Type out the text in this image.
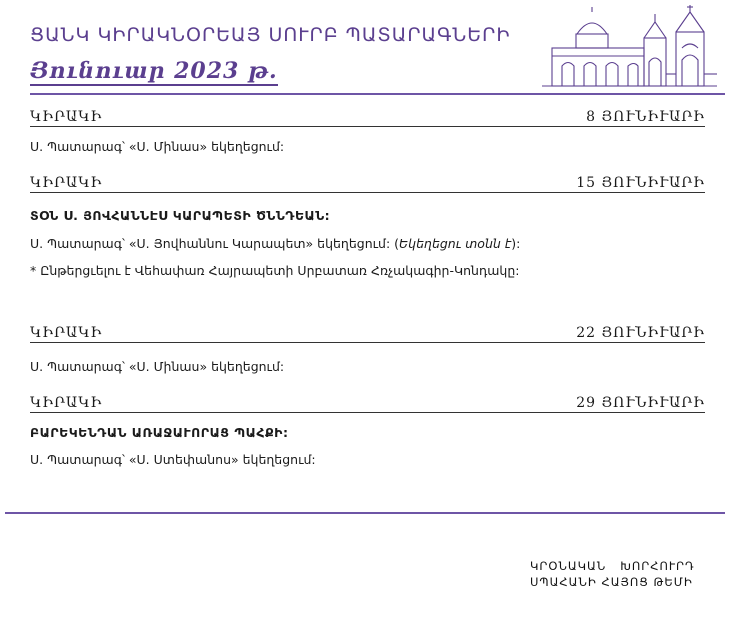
ՑԱՆԿ ԿԻՐԱԿՆՕՐԵԱՅ ՍՈՒՐԲ ՊԱՏԱՐԱԳՆԵՐԻ
Յունուար 2023 թ.
ԿԻՐԱԿԻ	8 ՅՈՒՆԻՒԱՐԻ
Ս. Պատարագ՝ «Ս. Մինաս» եկեղեցում:
ԿԻՐԱԿԻ	15 ՅՈՒՆԻՒԱՐԻ
ՏՕՆ Ս. ՅՈՎՀԱՆՆԷՍ ԿԱՐԱՊԵՏԻ ԾՆՆԴԵԱՆ:
Ս. Պատարագ՝ «Ս. Յովհաննու Կարապետ» եկեղեցում: (Եկեղեցու տօնն է):
* Ընթերցւելու է Վեհափառ Հայրապետի Սրբատառ Հռչակագիր-Կոնդակը:
ԿԻՐԱԿԻ	22 ՅՈՒՆԻՒԱՐԻ
Ս. Պատարագ՝ «Ս. Մինաս» եկեղեցում:
ԿԻՐԱԿԻ	29 ՅՈՒՆԻՒԱՐԻ
ԲԱՐԵԿԵՆԴԱՆ ԱՌԱՋԱՒՈՐԱՑ ՊԱՀՔԻ:
Ս. Պատարագ՝ «Ս. Ստեփանոս» եկեղեցում:
ԿՐՕՆԱԿԱՆ   ԽՈՐՀՈՒՐԴ
ՍՊԱՀԱՆԻ ՀԱՅՈՑ ԹԵՄԻ
